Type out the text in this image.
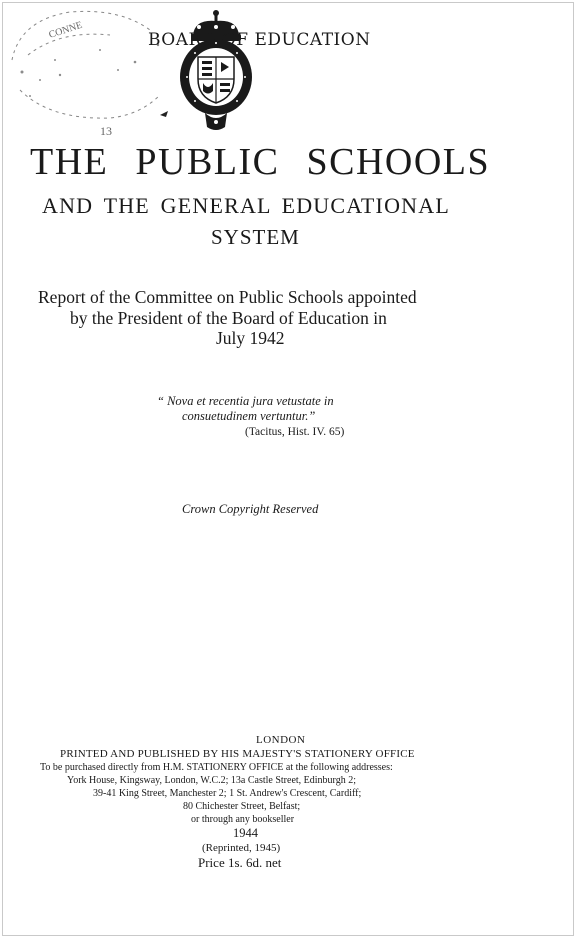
BOARD OF EDUCATION
CONNE
13

THE PUBLIC SCHOOLS
AND THE GENERAL EDUCATIONAL
SYSTEM
Report of the Committee on Public Schools appointed
by the President of the Board of Education in
July 1942
“ Nova et recentia jura vetustate in
consuetudinem vertuntur.”
(Tacitus, Hist. IV. 65)
Crown Copyright Reserved
LONDON
PRINTED AND PUBLISHED BY HIS MAJESTY'S STATIONERY OFFICE
To be purchased directly from H.M. STATIONERY OFFICE at the following addresses:
York House, Kingsway, London, W.C.2; 13a Castle Street, Edinburgh 2;
39-41 King Street, Manchester 2; 1 St. Andrew's Crescent, Cardiff;
80 Chichester Street, Belfast;
or through any bookseller
1944
(Reprinted, 1945)
Price 1s. 6d. net
